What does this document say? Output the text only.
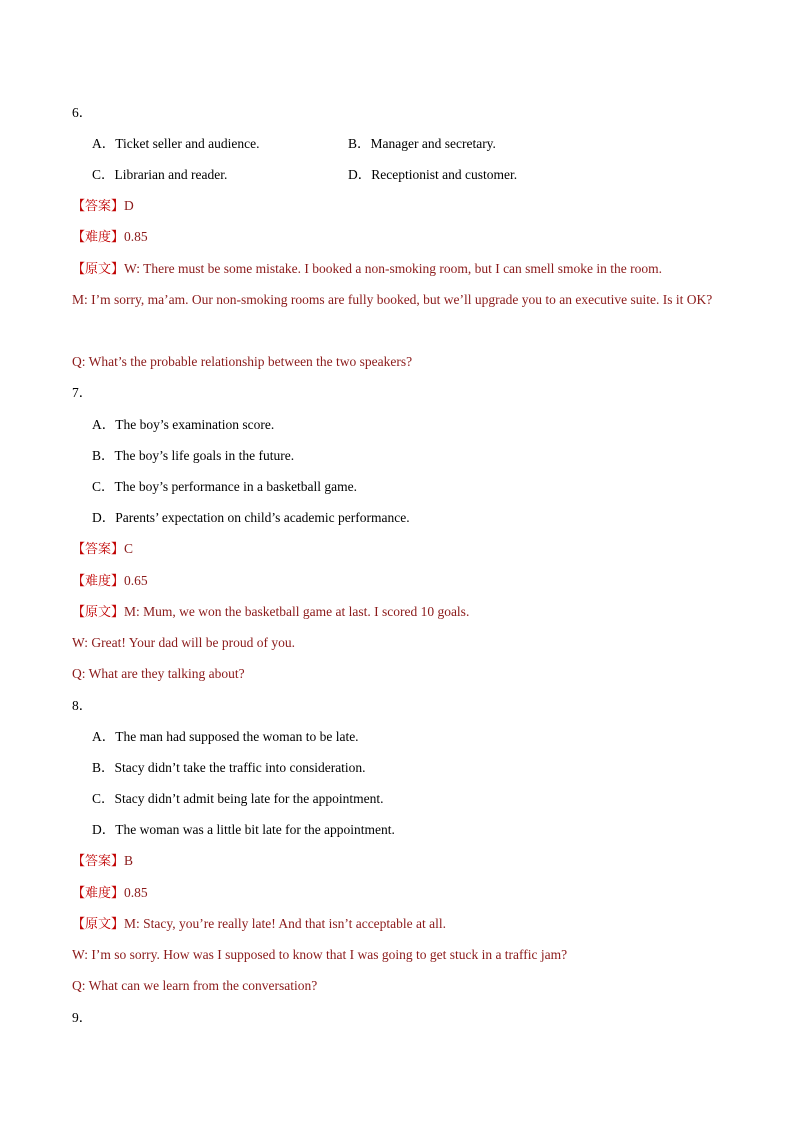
6．
A．Ticket seller and audience.	B．Manager and secretary.
C．Librarian and reader.	D．Receptionist and customer.
【答案】D
【难度】0.85
【原文】W: There must be some mistake. I booked a non-smoking room, but I can smell smoke in the room.
M: I’m sorry, ma’am. Our non-smoking rooms are fully booked, but we’ll upgrade you to an executive suite. Is it OK?
Q: What’s the probable relationship between the two speakers?
7．
A．The boy’s examination score.
B．The boy’s life goals in the future.
C．The boy’s performance in a basketball game.
D．Parents’ expectation on child’s academic performance.
【答案】C
【难度】0.65
【原文】M: Mum, we won the basketball game at last. I scored 10 goals.
W: Great! Your dad will be proud of you.
Q: What are they talking about?
8．
A．The man had supposed the woman to be late.
B．Stacy didn’t take the traffic into consideration.
C．Stacy didn’t admit being late for the appointment.
D．The woman was a little bit late for the appointment.
【答案】B
【难度】0.85
【原文】M: Stacy, you’re really late! And that isn’t acceptable at all.
W: I’m so sorry. How was I supposed to know that I was going to get stuck in a traffic jam?
Q: What can we learn from the conversation?
9．
